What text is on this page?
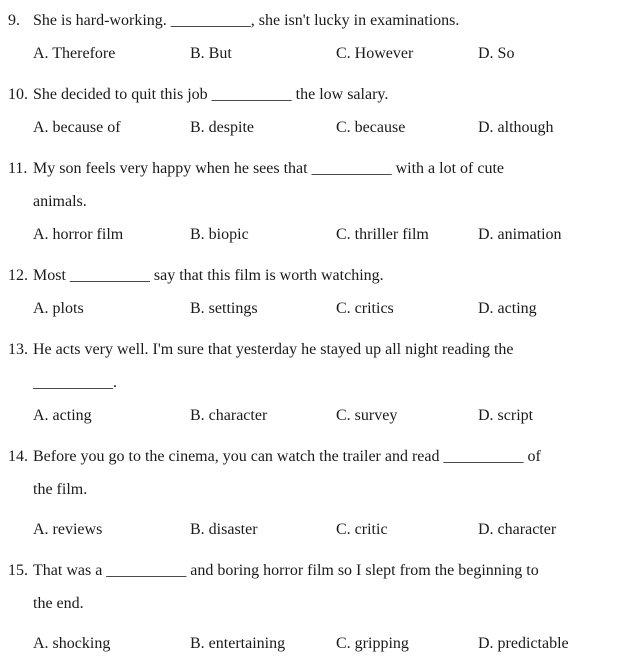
9. She is hard-working. __________, she isn't lucky in examinations.
A. Therefore	B. But	C. However	D. So
10. She decided to quit this job __________ the low salary.
A. because of	B. despite	C. because	D. although
11. My son feels very happy when he sees that __________ with a lot of cute
animals.
A. horror film	B. biopic	C. thriller film	D. animation
12. Most __________ say that this film is worth watching.
A. plots	B. settings	C. critics	D. acting
13. He acts very well. I'm sure that yesterday he stayed up all night reading the
__________.
A. acting	B. character	C. survey	D. script
14. Before you go to the cinema, you can watch the trailer and read __________ of
the film.
A. reviews	B. disaster	C. critic	D. character
15. That was a __________ and boring horror film so I slept from the beginning to
the end.
A. shocking	B. entertaining	C. gripping	D. predictable
